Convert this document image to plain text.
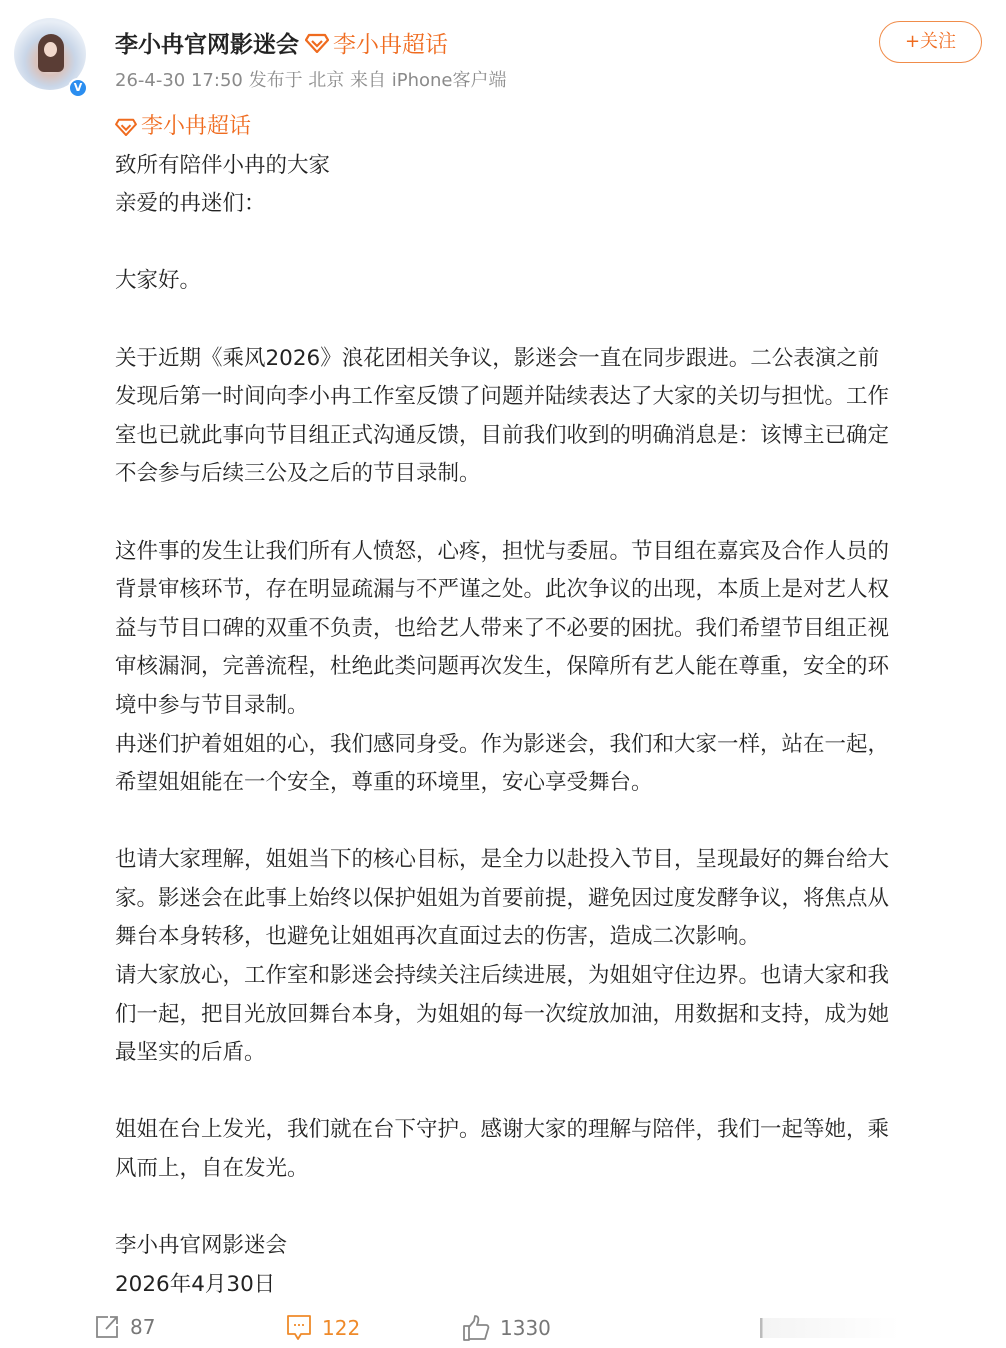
V
李小冉官网影迷会 李小冉超话
26-4-30 17:50 发布于 北京 来自 iPhone客户端
+关注
李小冉超话
致所有陪伴小冉的大家
亲爱的冉迷们：
大家好。
关于近期《乘风2026》浪花团相关争议，影迷会一直在同步跟进。二公表演之前
发现后第一时间向李小冉工作室反馈了问题并陆续表达了大家的关切与担忧。工作
室也已就此事向节目组正式沟通反馈，目前我们收到的明确消息是：该博主已确定
不会参与后续三公及之后的节目录制。
这件事的发生让我们所有人愤怒，心疼，担忧与委屈。节目组在嘉宾及合作人员的
背景审核环节，存在明显疏漏与不严谨之处。此次争议的出现，本质上是对艺人权
益与节目口碑的双重不负责，也给艺人带来了不必要的困扰。我们希望节目组正视
审核漏洞，完善流程，杜绝此类问题再次发生，保障所有艺人能在尊重，安全的环
境中参与节目录制。
冉迷们护着姐姐的心，我们感同身受。作为影迷会，我们和大家一样，站在一起，
希望姐姐能在一个安全，尊重的环境里，安心享受舞台。
也请大家理解，姐姐当下的核心目标，是全力以赴投入节目，呈现最好的舞台给大
家。影迷会在此事上始终以保护姐姐为首要前提，避免因过度发酵争议，将焦点从
舞台本身转移，也避免让姐姐再次直面过去的伤害，造成二次影响。
请大家放心，工作室和影迷会持续关注后续进展，为姐姐守住边界。也请大家和我
们一起，把目光放回舞台本身，为姐姐的每一次绽放加油，用数据和支持，成为她
最坚实的后盾。
姐姐在台上发光，我们就在台下守护。感谢大家的理解与陪伴，我们一起等她，乘
风而上，自在发光。
李小冉官网影迷会
2026年4月30日
87	122	1330
